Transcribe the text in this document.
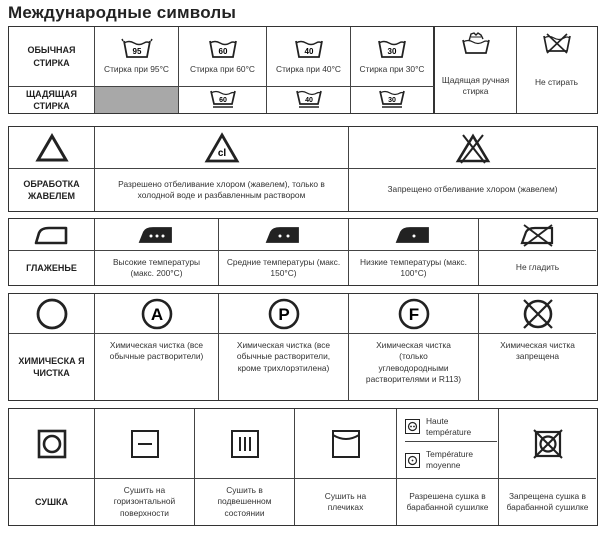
Международные символы
ОБЫЧНАЯ
СТИРКА
ЩАДЯЩАЯ
СТИРКА
95
Стирка при 95°C
60
Стирка при 60°C
40
Стирка при 40°C
30
Стирка при 30°C
60	40	30
Щадящая ручная стирка
Не стирать
ОБРАБОТКА ЖАВЕЛЕМ
cl
Разрешено отбеливание хлором (жавелем), только в холодной воде и разбавленным раствором
Запрещено отбеливание хлором (жавелем)
ГЛАЖЕНЬЕ
Высокие температуры (макс. 200°C)
Средние температуры (макс. 150°C)
Низкие температуры (макс. 100°C)
Не гладить
ХИМИЧЕСКА Я ЧИСТКА
A
Химическая чистка (все обычные растворители)
P
Химическая чистка (все обычные растворители, кроме трихлорэтилена)
F
Химическая чистка (только углеводородными растворителями и R113)
Химическая чистка запрещена
СУШКА
Сушить на горизонтальной поверхности
Сушить в подвешенном состоянии
Сушить на плечиках
Haute température
Température moyenne
Разрешена сушка в барабанной сушилке
Запрещена сушка в барабанной сушилке
